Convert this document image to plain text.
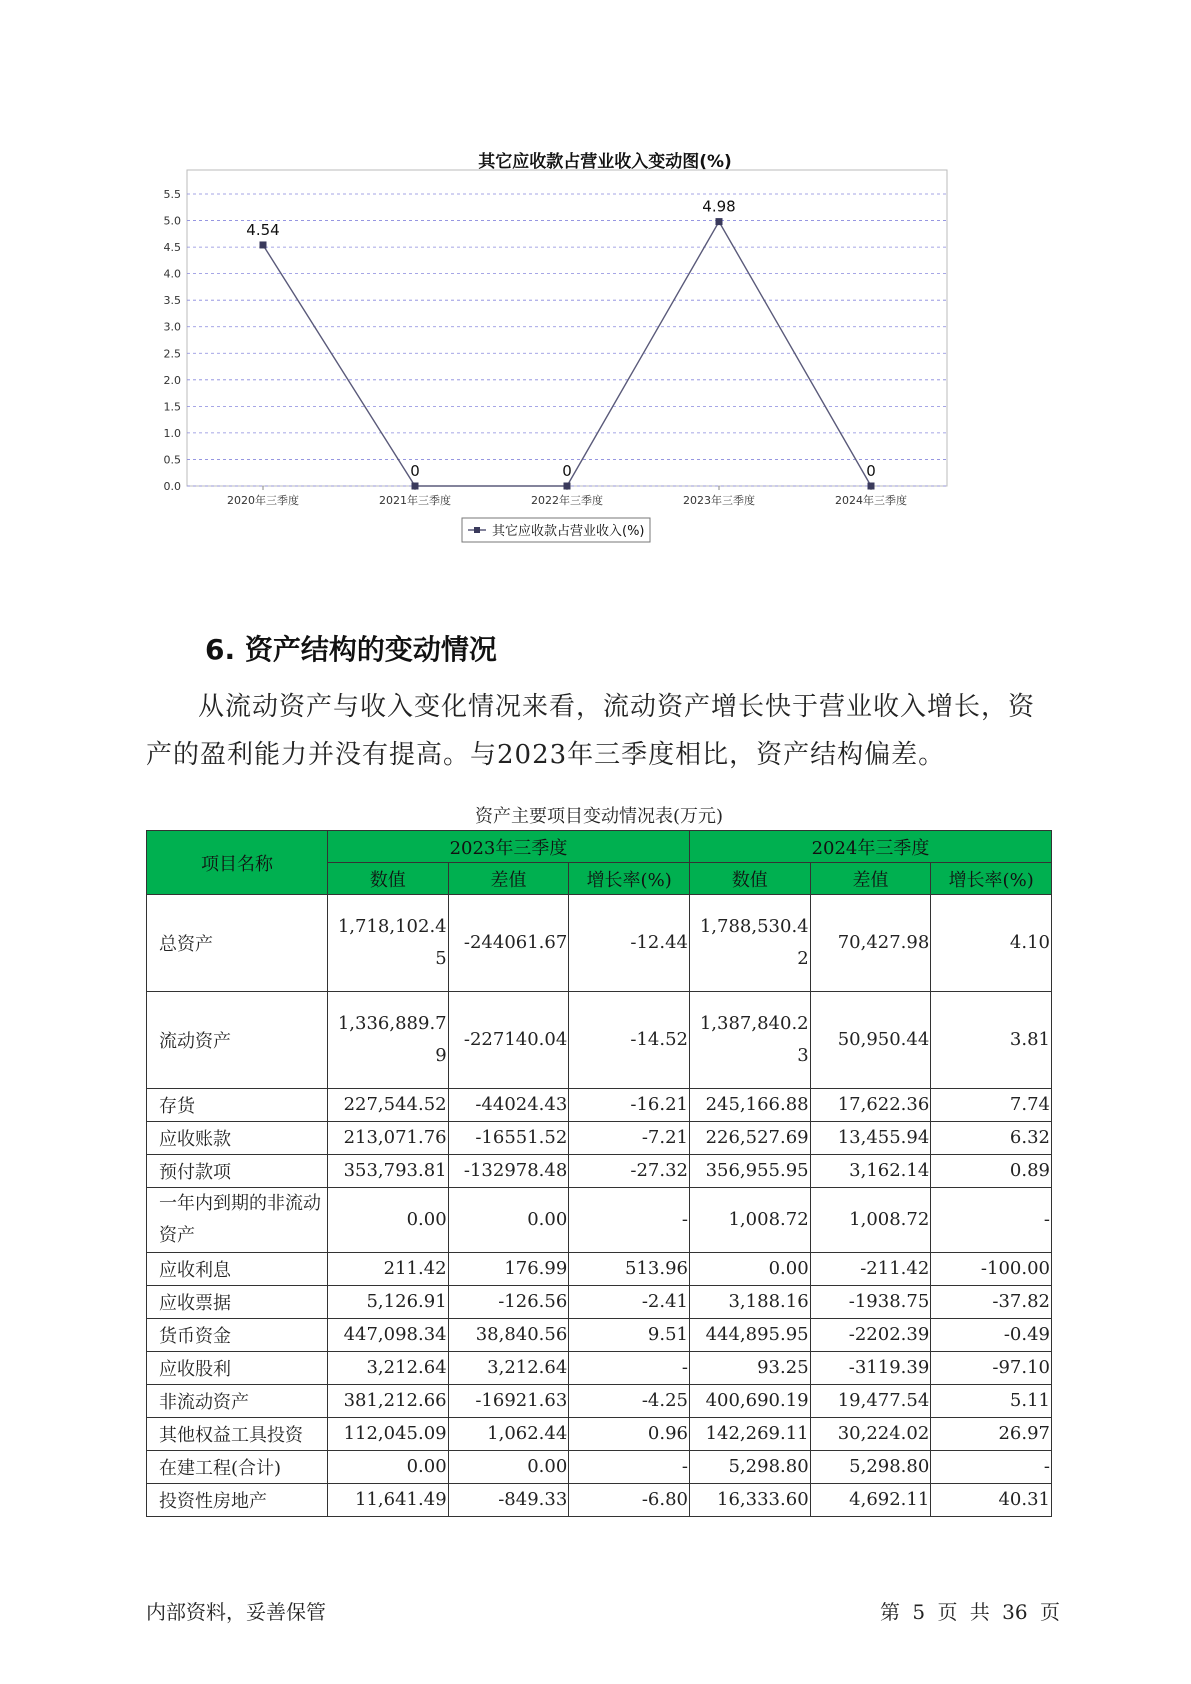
其它应收款占营业收入变动图(%)
0.0
0.5
1.0
1.5
2.0
2.5
3.0
3.5
4.0
4.5
5.0
5.5
2020年三季度	2021年三季度	2022年三季度	2023年三季度	2024年三季度
4.54
0	0
4.98
0
其它应收款占营业收入(%)
6. 资产结构的变动情况

从流动资产与收入变化情况来看，流动资产增长快于营业收入增长，资产的盈利能力并没有提高。与2023年三季度相比，资产结构偏差。

资产主要项目变动情况表(万元)
项目名称	2023年三季度			2024年三季度		
	数值	差值	增长率(%)	数值	差值	增长率(%)
总资产	1,718,102.45	-244061.67	-12.44	1,788,530.42	70,427.98	4.10
流动资产	1,336,889.79	-227140.04	-14.52	1,387,840.23	50,950.44	3.81
存货	227,544.52	-44024.43	-16.21	245,166.88	17,622.36	7.74
应收账款	213,071.76	-16551.52	-7.21	226,527.69	13,455.94	6.32
预付款项	353,793.81	-132978.48	-27.32	356,955.95	3,162.14	0.89
一年内到期的非流动资产	0.00	0.00	-	1,008.72	1,008.72	-
应收利息	211.42	176.99	513.96	0.00	-211.42	-100.00
应收票据	5,126.91	-126.56	-2.41	3,188.16	-1938.75	-37.82
货币资金	447,098.34	38,840.56	9.51	444,895.95	-2202.39	-0.49
应收股利	3,212.64	3,212.64	-	93.25	-3119.39	-97.10
非流动资产	381,212.66	-16921.63	-4.25	400,690.19	19,477.54	5.11
其他权益工具投资	112,045.09	1,062.44	0.96	142,269.11	30,224.02	26.97
在建工程(合计)	0.00	0.00	-	5,298.80	5,298.80	-
投资性房地产	11,641.49	-849.33	-6.80	16,333.60	4,692.11	40.31
内部资料，妥善保管	第 5 页 共 36 页
